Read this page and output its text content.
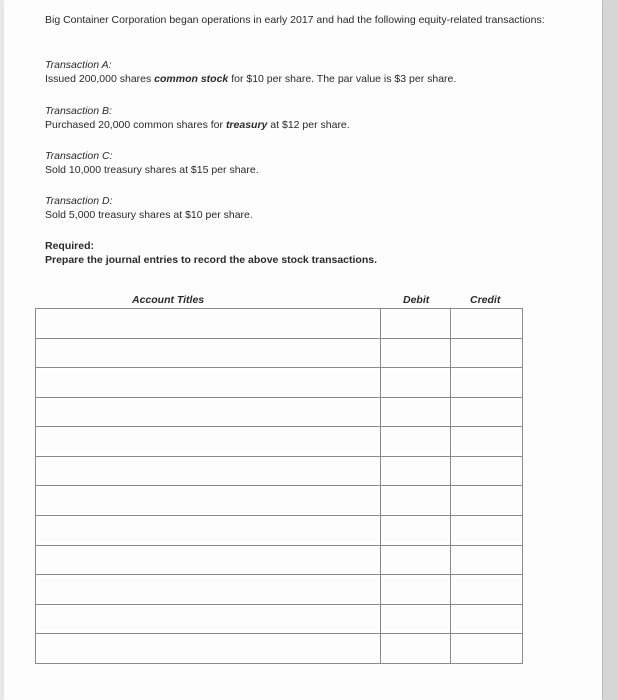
Big Container Corporation began operations in early 2017 and had the following equity-related transactions:
Transaction A:
Issued 200,000 shares common stock for $10 per share. The par value is $3 per share.
Transaction B:
Purchased 20,000 common shares for treasury at $12 per share.
Transaction C:
Sold 10,000 treasury shares at $15 per share.
Transaction D:
Sold 5,000 treasury shares at $10 per share.
Required:
Prepare the journal entries to record the above stock transactions.
Account Titles	Debit	Credit
